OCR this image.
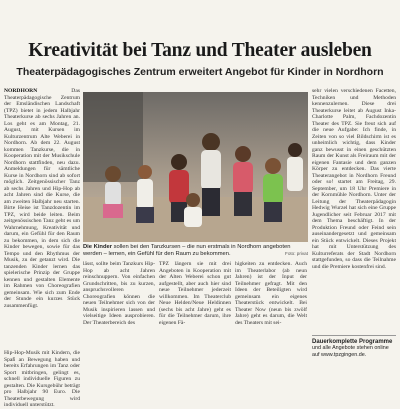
Kreativität bei Tanz und Theater ausleben
Theaterpädagogisches Zentrum erweitert Angebot für Kinder in Nordhorn
NORDHORN	Das Theaterpädagogische Zentrum der Emsländischen Landschaft (TPZ) bietet in jedem Halbjahr Theaterkurse ab sechs Jahren an. Los geht es am Montag, 21. August, mit Kursen im Kulturzentrum Alte Weberei in Nordhorn. Ab dem 22. August kommen Tanzkurse, die in Kooperation mit der Musikschule Nordhorn stattfinden, neu dazu. Anmeldungen für sämtliche Kurse in Nordhorn sind ab sofort möglich. Zeitgenössischer Tanz ab sechs Jahren und Hip-Hop ab acht Jahren sind die Kurse, die am zweiten Halbjahr neu starten. Birte Heise ist Tanzdozentin im TPZ, wird beide leiten. Beim zeitgenössischen Tanz geht es um Wahrnehmung, Kreativität und darum, ein Gefühl für den Raum zu bekommen, in dem sich die Kinder bewegen, sowie für das Tempo und den Rhythmus der Musik, zu der getanzt wird. Die tanzenden Kinder lernen das spielerische Prinzip der Gruppe kennen und gestalten Elemente im Rahmen von Choreografien gemeinsam. Wie sich zum Ende der Stunde ein kurzes Stück zusammenfügt.
Die Kinder sollen bei den Tanzkursen – die nun erstmals in Nordhorn angeboten werden – lernen, ein Gefühl für den Raum zu bekommen.	Foto: privat
lässt, sollte beim Tanzkurs Hip-Hop ab acht Jahren reinschnuppern. Von einfachen Grundschritten, bis zu kurzen, anspruchsvolleren Choreografien können die neuen Teilnehmer sich von der Musik inspirieren lassen und vielseitige Ideen ausprobieren. Der Theaterbereich des
TPZ längern sie mit drei Angeboten in Kooperation mit der Alten Weberei schon gut aufgestellt, aber auch hier sind neue Teilnehmer jederzeit willkommen. Im Theaterclub Neue Helden/Neue Heldinnen (sechs bis acht Jahre) geht es für die Teilnehmer darum, ihre eigenen Fä-
higkeiten zu entdecken. Auch im Theaterlabor (ab neun Jahren) ist der Input der Teilnehmer gefragt. Mit den Ideen der Beteiligten wird gemeinsam ein eigenes Theaterstück entwickelt. Bei Theater Now (neun bis zwölf Jahre) geht es darum, die Welt des Theaters mit sei-
Hip-Hop-Musik mit Kindern, die Spaß an Bewegung haben und bereits Erfahrungen im Tanz oder Sport mitbringen, gelingt es, schnell individuelle Figuren zu gestalten. Die Kursgebühr beträgt pro Halbjahr 90 Euro. Die Theaterbewegung wird individuell unterstützt.
sehr vielen verschiedenen Facetten, Techniken und Methoden kennenzulernen. Diese drei Theaterkurse leitet ab August Inka-Charlotte Palm, Fachdozentin Theater des TPZ. Sie freut sich auf die neue Aufgabe: Ich finde, in Zeiten von so viel Bildschirm ist es unheimlich wichtig, dass Kinder ganz bewusst in einen geschützten Raum der Kunst als Freiraum mit der eigenen Fantasie und dem ganzen Körper zu entdecken. Das vierte Theaterangebot in Nordhorn Freund oder so! startet am Freitag, 29. September, um 18 Uhr Premiere in der Kornmühle Nordhorn. Unter der Leitung der Theaterpädagogin Hedwig Wurzel hat sich eine Gruppe Jugendlicher seit Februar 2017 mit dem Thema beschäftigt. In der Produktion Freund oder Feind sein auseinandergesetzt und gemeinsam ein Stück entwickelt. Dieses Projekt hat mit Unterstützung des Kulturreferats der Stadt Nordhorn stattgefunden, so dass die Teilnahme und die Premiere kostenfrei sind.
Dauerkomplette Programme
und alle Angebote stehen online auf www.tpzgingen.de.
